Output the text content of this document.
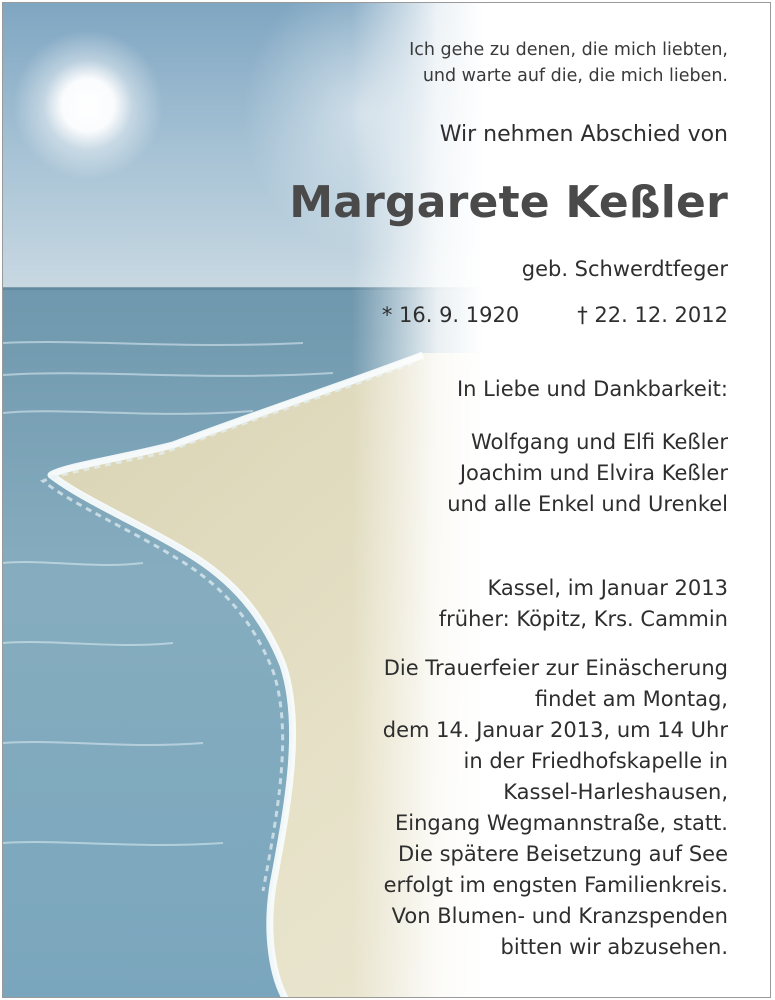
Ich gehe zu denen, die mich liebten,
und warte auf die, die mich lieben.
Wir nehmen Abschied von
Margarete Keßler
geb. Schwerdtfeger
* 16. 9. 1920	† 22. 12. 2012
In Liebe und Dankbarkeit:
Wolfgang und Elfi Keßler
Joachim und Elvira Keßler
und alle Enkel und Urenkel
Kassel, im Januar 2013
früher: Köpitz, Krs. Cammin
Die Trauerfeier zur Einäscherung
findet am Montag,
dem 14. Januar 2013, um 14 Uhr
in der Friedhofskapelle in
Kassel-Harleshausen,
Eingang Wegmannstraße, statt.
Die spätere Beisetzung auf See
erfolgt im engsten Familienkreis.
Von Blumen- und Kranzspenden
bitten wir abzusehen.
